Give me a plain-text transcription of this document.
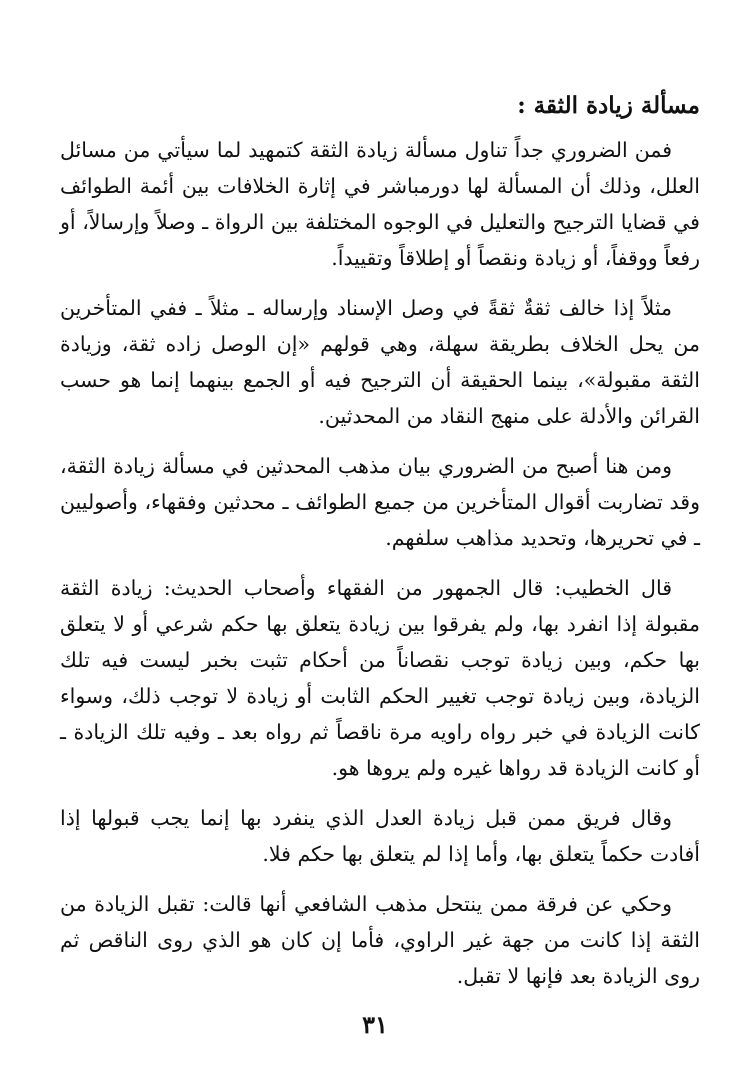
مسألة زيادة الثقة :

فمن الضروري جداً تناول مسألة زيادة الثقة كتمهيد لما سيأتي من مسائل العلل، وذلك أن المسألة لها دورمباشر في إثارة الخلافات بين أئمة الطوائف في قضايا الترجيح والتعليل في الوجوه المختلفة بين الرواة ـ وصلاً وإرسالاً، أو رفعاً ووقفاً، أو زيادة ونقصاً أو إطلاقاً وتقييداً.

مثلاً إذا خالف ثقةٌ ثقةً في وصل الإسناد وإرساله ـ مثلاً ـ ففي المتأخرين من يحل الخلاف بطريقة سهلة، وهي قولهم «إن الوصل زاده ثقة، وزيادة الثقة مقبولة»، بينما الحقيقة أن الترجيح فيه أو الجمع بينهما إنما هو حسب القرائن والأدلة على منهج النقاد من المحدثين.

ومن هنا أصبح من الضروري بيان مذهب المحدثين في مسألة زيادة الثقة، وقد تضاربت أقوال المتأخرين من جميع الطوائف ـ محدثين وفقهاء، وأصوليين ـ في تحريرها، وتحديد مذاهب سلفهم.

قال الخطيب: قال الجمهور من الفقهاء وأصحاب الحديث: زيادة الثقة مقبولة إذا انفرد بها، ولم يفرقوا بين زيادة يتعلق بها حكم شرعي أو لا يتعلق بها حكم، وبين زيادة توجب نقصاناً من أحكام تثبت بخبر ليست فيه تلك الزيادة، وبين زيادة توجب تغيير الحكم الثابت أو زيادة لا توجب ذلك، وسواء كانت الزيادة في خبر رواه راويه مرة ناقصاً ثم رواه بعد ـ وفيه تلك الزيادة ـ أو كانت الزيادة قد رواها غيره ولم يروها هو.

وقال فريق ممن قبل زيادة العدل الذي ينفرد بها إنما يجب قبولها إذا أفادت حكماً يتعلق بها، وأما إذا لم يتعلق بها حكم فلا.

وحكي عن فرقة ممن ينتحل مذهب الشافعي أنها قالت: تقبل الزيادة من الثقة إذا كانت من جهة غير الراوي، فأما إن كان هو الذي روى الناقص ثم روى الزيادة بعد فإنها لا تقبل.

٣١
